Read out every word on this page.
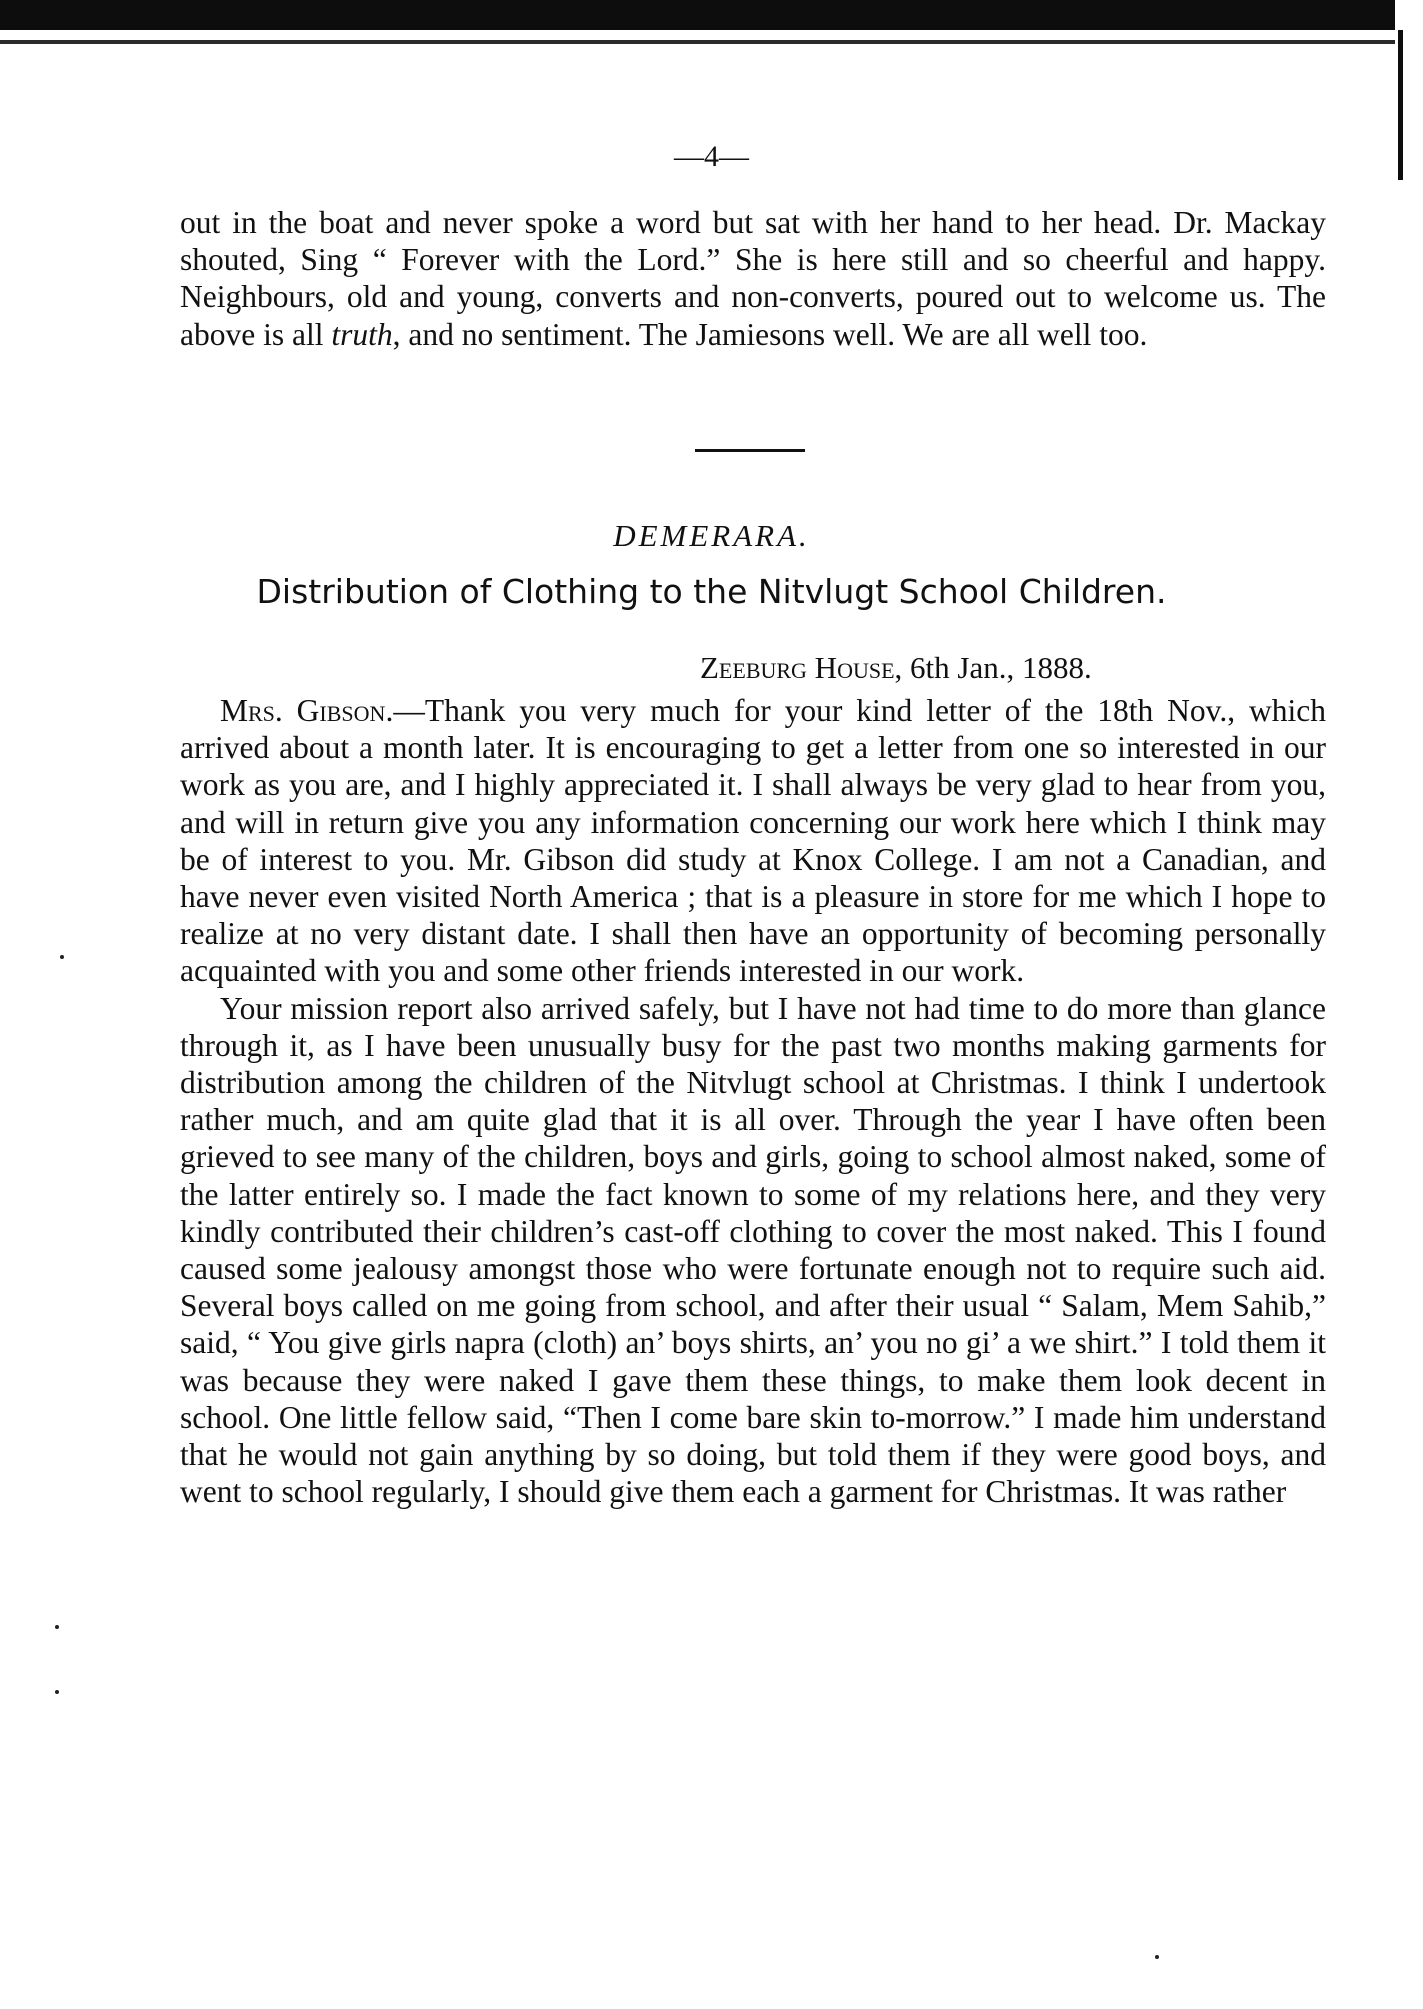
—4—

out in the boat and never spoke a word but sat with her hand to her head. Dr. Mackay shouted, Sing “ Forever with the Lord.” She is here still and so cheerful and happy. Neighbours, old and young, converts and non-converts, poured out to welcome us. The above is all truth, and no sentiment. The Jamiesons well. We are all well too.

DEMERARA.
Distribution of Clothing to the Nitvlugt School Children.
Zeeburg House, 6th Jan., 1888.

Mrs. Gibson.—Thank you very much for your kind letter of the 18th Nov., which arrived about a month later. It is encouraging to get a letter from one so interested in our work as you are, and I highly appreciated it. I shall always be very glad to hear from you, and will in return give you any information concerning our work here which I think may be of interest to you. Mr. Gibson did study at Knox College. I am not a Canadian, and have never even visited North America ; that is a pleasure in store for me which I hope to realize at no very distant date. I shall then have an opportunity of becoming personally acquainted with you and some other friends interested in our work.

Your mission report also arrived safely, but I have not had time to do more than glance through it, as I have been unusually busy for the past two months making garments for distribution among the children of the Nitvlugt school at Christmas. I think I undertook rather much, and am quite glad that it is all over. Through the year I have often been grieved to see many of the children, boys and girls, going to school almost naked, some of the latter entirely so. I made the fact known to some of my relations here, and they very kindly contributed their children’s cast-off clothing to cover the most naked. This I found caused some jealousy amongst those who were fortunate enough not to require such aid. Several boys called on me going from school, and after their usual “ Salam, Mem Sahib,” said, “ You give girls napra (cloth) an’ boys shirts, an’ you no gi’ a we shirt.” I told them it was because they were naked I gave them these things, to make them look decent in school. One little fellow said, “Then I come bare skin to-morrow.” I made him understand that he would not gain anything by so doing, but told them if they were good boys, and went to school regularly, I should give them each a garment for Christmas. It was rather
